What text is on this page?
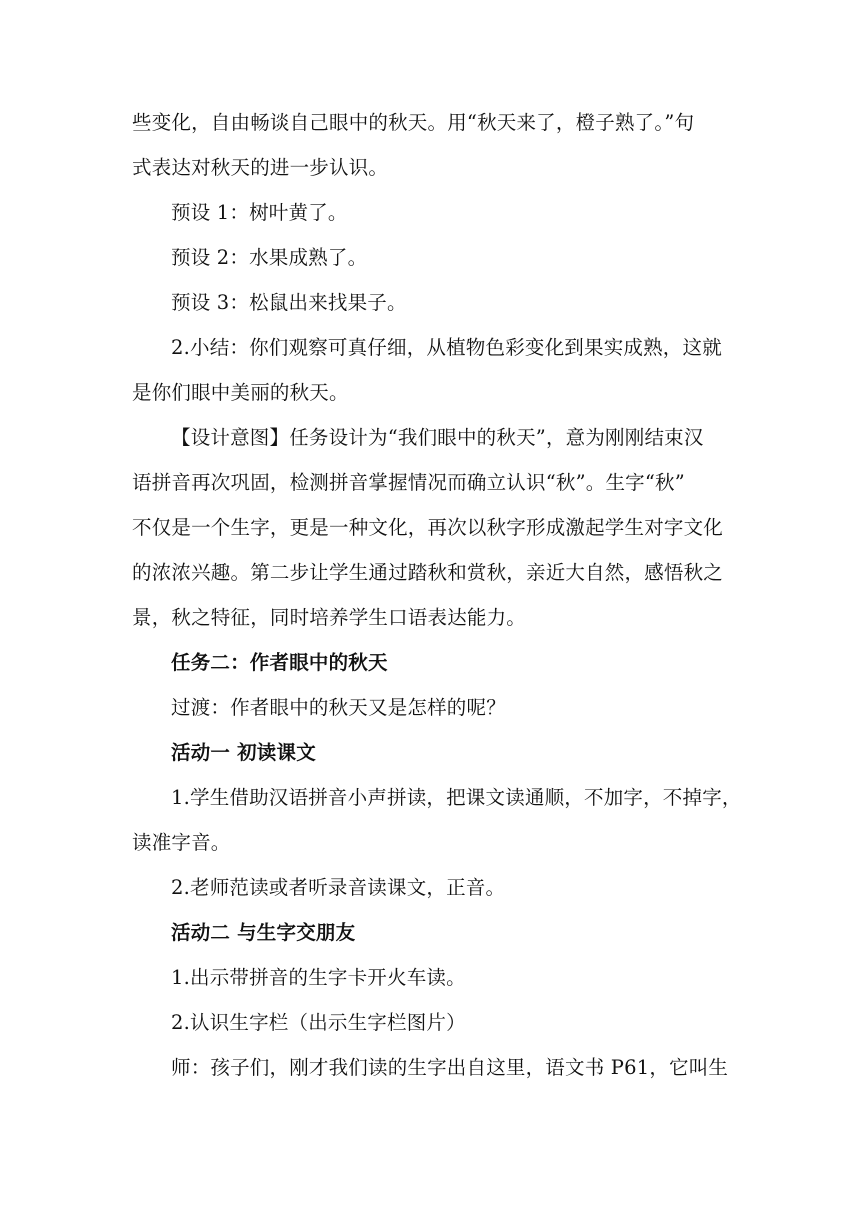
些变化，自由畅谈自己眼中的秋天。用“秋天来了，橙子熟了。”句
式表达对秋天的进一步认识。
预设 1：树叶黄了。
预设 2：水果成熟了。
预设 3：松鼠出来找果子。
2.小结：你们观察可真仔细，从植物色彩变化到果实成熟，这就
是你们眼中美丽的秋天。
【设计意图】任务设计为“我们眼中的秋天”，意为刚刚结束汉
语拼音再次巩固，检测拼音掌握情况而确立认识“秋”。生字“秋”
不仅是一个生字，更是一种文化，再次以秋字形成激起学生对字文化
的浓浓兴趣。第二步让学生通过踏秋和赏秋，亲近大自然，感悟秋之
景，秋之特征，同时培养学生口语表达能力。
任务二：作者眼中的秋天
过渡：作者眼中的秋天又是怎样的呢？
活动一 初读课文
1.学生借助汉语拼音小声拼读，把课文读通顺，不加字，不掉字，
读准字音。
2.老师范读或者听录音读课文，正音。
活动二 与生字交朋友
1.出示带拼音的生字卡开火车读。
2.认识生字栏（出示生字栏图片）
师：孩子们，刚才我们读的生字出自这里，语文书 P61，它叫生
